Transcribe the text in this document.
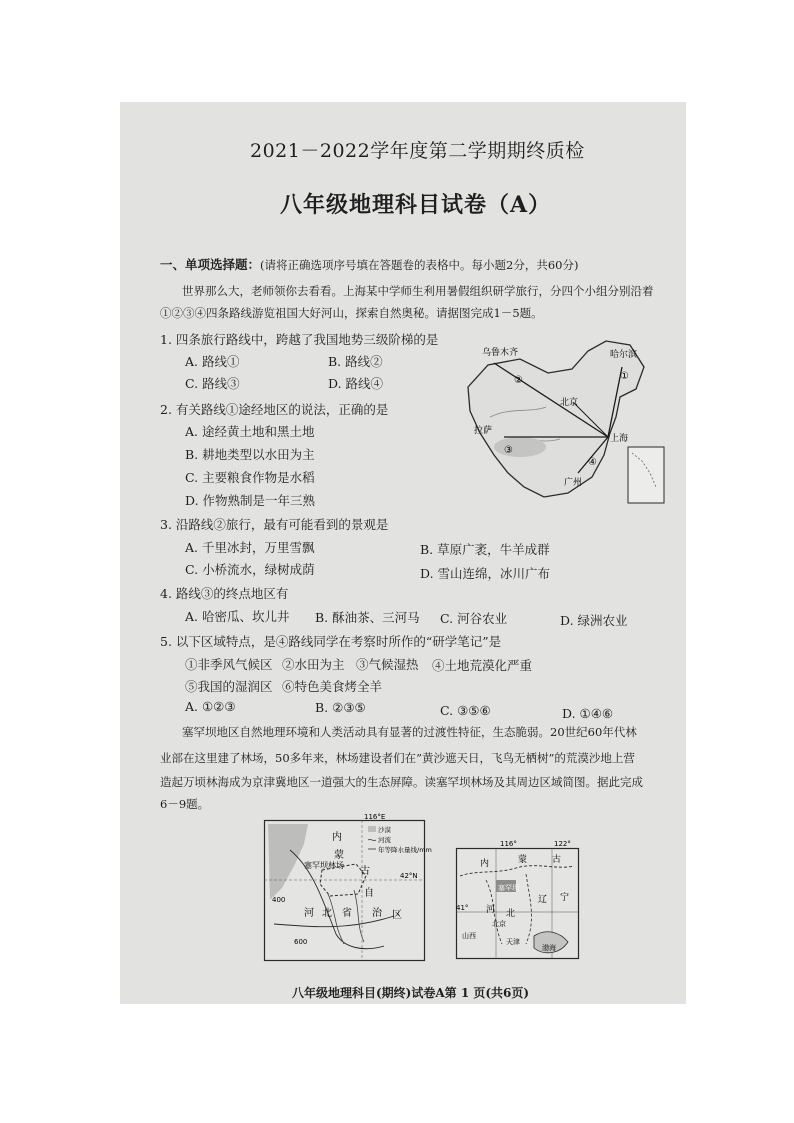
2021－2022学年度第二学期期终质检
八年级地理科目试卷（A）
一、单项选择题：(请将正确选项序号填在答题卷的表格中。每小题2分，共60分)
世界那么大，老师领你去看看。上海某中学师生利用暑假组织研学旅行，分四个小组分别沿着
①②③④四条路线游览祖国大好河山，探索自然奥秘。请据图完成1－5题。
1. 四条旅行路线中，跨越了我国地势三级阶梯的是
A. 路线①	B. 路线②
C. 路线③	D. 路线④
2. 有关路线①途经地区的说法，正确的是
A. 途经黄土地和黑土地
B. 耕地类型以水田为主
C. 主要粮食作物是水稻
D. 作物熟制是一年三熟
3. 沿路线②旅行，最有可能看到的景观是
A. 千里冰封，万里雪飘	B. 草原广袤，牛羊成群
C. 小桥流水，绿树成荫	D. 雪山连绵，冰川广布
4. 路线③的终点地区有
A. 哈密瓜、坎儿井 B. 酥油茶、三河马 C. 河谷农业	D. 绿洲农业
5. 以下区域特点，是④路线同学在考察时所作的“研学笔记”是
①非季风气候区 ②水田为主 ③气候湿热 ④土地荒漠化严重
⑤我国的湿润区 ⑥特色美食烤全羊
A. ①②③	B. ②③⑤	C. ③⑤⑥	D. ①④⑥
塞罕坝地区自然地理环境和人类活动具有显著的过渡性特征，生态脆弱。20世纪60年代林
业部在这里建了林场，50多年来，林场建设者们在”黄沙遮天日，飞鸟无栖树”的荒漠沙地上营
造起万顷林海成为京津冀地区一道强大的生态屏障。读塞罕坝林场及其周边区域简图。据此完成
6－9题。
乌鲁木齐	哈尔滨
北京
拉萨
上海
广州
①
②
③
④
116°E
42°N
内
蒙
古
自
治 区
河 北 省
塞罕坝林场
400
600
沙漠
河流
年等降水量线/mm
116°	122°
41°
内	蒙	古
塞罕坝
河 北
辽 宁
北京
天津
山西
渤海
八年级地理科目(期终)试卷A第 1 页(共6页)
